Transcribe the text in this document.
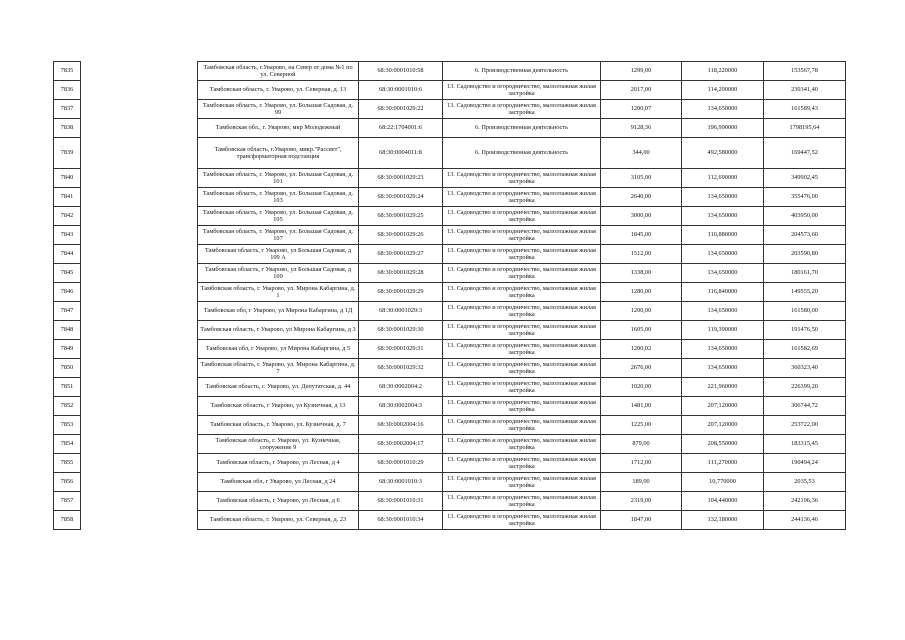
7835		Тамбовская область, г.Уварово, на Север от дома №1 по ул. Северной	68:30:0001010:58	6. Производственная деятельность	1299,00	118,220000	153567,78
7836		Тамбовская область, г. Уварово, ул. Северная, д. 13	68:30:0001010:6	13. Садоводство и огородничество, малоэтажная жилая застройка	2017,00	114,200000	230341,40
7837		Тамбовская область, г. Уварово, ул. Большая Садовая, д. 99	68:30:0001029:22	13. Садоводство и огородничество, малоэтажная жилая застройка	1200,07	134,650000	161589,43
7838		Тамбовская обл., г. Уварово, мкр Молодежный	68:22:1704001:6	6. Производственная деятельность	9128,36	196,990000	1798195,64
7839		Тамбовская область, г.Уварово, микр."Рассвет", трансформаторная подстанция	68:30:0004011:8	6. Производственная деятельность	344,00	492,580000	169447,52
7840		Тамбовская область, г. Уварово, ул. Большая Садовая, д. 101	68:30:0001029:23	13. Садоводство и огородничество, малоэтажная жилая застройка	3105,00	112,690000	349902,45
7841		Тамбовская область, г. Уварово, ул. Большая Садовая, д. 103	68:30:0001029:24	13. Садоводство и огородничество, малоэтажная жилая застройка	2640,00	134,650000	355476,00
7842		Тамбовская область, г. Уварово, ул. Большая Садовая, д. 105	68:30:0001029:25	13. Садоводство и огородничество, малоэтажная жилая застройка	3000,00	134,650000	403950,00
7843		Тамбовская область, г. Уварово, ул. Большая Садовая, д. 107	68:30:0001029:26	13. Садоводство и огородничество, малоэтажная жилая застройка	1845,00	110,880000	204573,60
7844		Тамбовская область, г Уварово, ул Большая Садовая, д 109 А	68:30:0001029:27	13. Садоводство и огородничество, малоэтажная жилая застройка	1512,00	134,650000	203590,80
7845		Тамбовская область, г Уварово, ул Большая Садовая, д 109	68:30:0001029:28	13. Садоводство и огородничество, малоэтажная жилая застройка	1338,00	134,650000	180161,70
7846		Тамбовская область, г. Уварово, ул. Мирона Кабаргина, д. 1	68:30:0001029:29	13. Садоводство и огородничество, малоэтажная жилая застройка	1280,00	116,840000	149555,20
7847		Тамбовская обл, г Уварово, ул Мирона Кабаргина, д 1Д	68:30:0001029:3	13. Садоводство и огородничество, малоэтажная жилая застройка	1200,00	134,650000	161580,00
7848		Тамбовская область, г Уварово, ул Мирона Кабаргина, д 3	68:30:0001029:30	13. Садоводство и огородничество, малоэтажная жилая застройка	1605,00	119,390000	191476,50
7849		Тамбовская обл, г Уварово, ул Мирона Кабаргина, д 5	68:30:0001029:31	13. Садоводство и огородничество, малоэтажная жилая застройка	1200,02	134,650000	161582,69
7850		Тамбовская область, г. Уварово, ул. Мирона Кабаргина, д. 7	68:30:0001029:32	13. Садоводство и огородничество, малоэтажная жилая застройка	2676,00	134,650000	360323,40
7851		Тамбовская область, г. Уварово, ул. Депутатская, д. 44	68:30:0002004:2	13. Садоводство и огородничество, малоэтажная жилая застройка	1020,00	221,960000	226399,20
7852		Тамбовская область, г Уварово, ул Кузнечная, д 13	68:30:0002004:3	13. Садоводство и огородничество, малоэтажная жилая застройка	1481,00	207,120000	306744,72
7853		Тамбовская область, г. Уварово, ул. Кузнечная, д. 7	68:30:0002004:16	13. Садоводство и огородничество, малоэтажная жилая застройка	1225,00	207,120000	253722,00
7854		Тамбовская область, г. Уварово, ул. Кузнечная, сооружение 9	68:30:0002004:17	13. Садоводство и огородничество, малоэтажная жилая застройка	879,00	208,550000	183315,45
7855		Тамбовская область, г Уварово, ул Лесная, д 4	68:30:0001010:29	13. Садоводство и огородничество, малоэтажная жилая застройка	1712,00	111,270000	190494,24
7856		Тамбовская обл, г Уварово, ул Лесная, д 24	68:30:0001010:3	13. Садоводство и огородничество, малоэтажная жилая застройка	189,00	10,770000	2035,53
7857		Тамбовская область, г Уварово, ул Лесная, д 6	68:30:0001010:31	13. Садоводство и огородничество, малоэтажная жилая застройка	2319,00	104,440000	242196,36
7858		Тамбовская область, г. Уварово, ул. Северная, д. 23	68:30:0001010:34	13. Садоводство и огородничество, малоэтажная жилая застройка	1847,00	132,180000	244136,46
